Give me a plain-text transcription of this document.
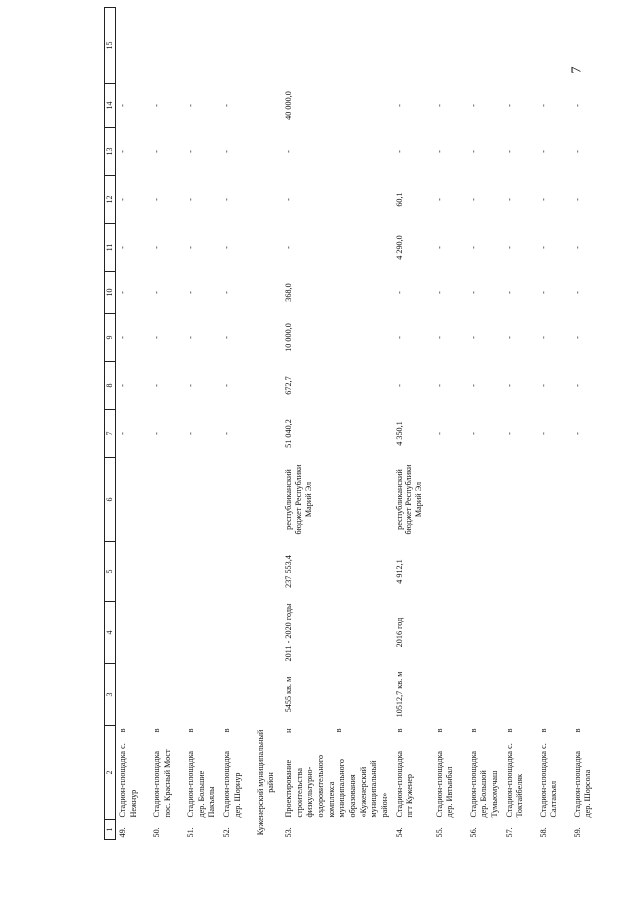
7
1	2		3	4	5	6	7	8	9	10	11	12	13	14	15
49.	Стадион-площадка с. Нежнур	в					-	-	-	-	-	-	-	-	
50.	Стадион-площадка пос. Красный Мост	в					-	-	-	-	-	-	-	-	
51.	Стадион-площадка дер. Большие Пакъялы	в					-	-	-	-	-	-	-	-	
52.	Стадион-площадка дер. Шорнур	в					-	-	-	-	-	-	-	-	
Куженерский муниципальный район															
53.	Проектирование строительства физкультурно-оздоровительного комплекса муниципального образования «Куженерский муниципальный район»	н в	5455 кв. м	2011 - 2020 годы	237 553,4	республиканский бюджет Республики Марий Эл	51 040,2	672,7	10 000,0	368,0	-	-	-	40 000,0	
54.	Стадион-площадка пгт Куженер	в	10512,7 кв. м	2016 год	4 912,1	республиканский бюджет Республики Марий Эл	4 350,1	-	-	-	4 290,0	60,1	-	-	
55.	Стадион-площадка дер. Ивтынбал	в					-	-	-	-	-	-	-	-	
56.	Стадион-площадка дер. Большой Тумьюмучаш	в					-	-	-	-	-	-	-	-	
57.	Стадион-площадка с. Токтайбеляк	в					-	-	-	-	-	-	-	-	
58.	Стадион-площадка с. Салтакъял	в					-	-	-	-	-	-	-	-	
59.	Стадион-площадка дер. Шорсола	в					-	-	-	-	-	-	-	-	
